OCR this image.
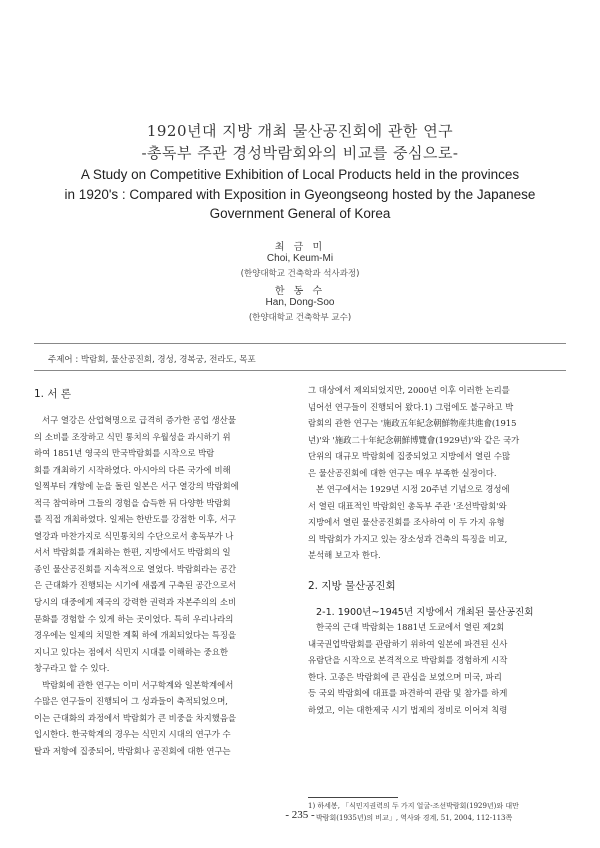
1920년대 지방 개최 물산공진회에 관한 연구
-총독부 주관 경성박람회와의 비교를 중심으로-
A Study on Competitive Exhibition of Local Products held in the provinces
in 1920's : Compared with Exposition in Gyeongseong hosted by the Japanese
Government General of Korea
최 금 미
Choi, Keum-Mi
(한양대학교 건축학과 석사과정)
한 동 수
Han, Dong-Soo
(한양대학교 건축학부 교수)
주제어 : 박람회, 물산공진회, 경성, 경복궁, 전라도, 목포
1. 서 론
서구 열강은 산업혁명으로 급격히 증가한 공업 생산물
의 소비를 조장하고 식민 통치의 우월성을 과시하기 위
하여 1851년 영국의 만국박람회를 시작으로 박람
회를 개최하기 시작하였다. 아시아의 다른 국가에 비해
일찍부터 개항에 눈을 돌린 일본은 서구 열강의 박람회에
적극 참여하며 그들의 경험을 습득한 뒤 다양한 박람회
를 직접 개최하였다. 일제는 한반도를 강점한 이후, 서구
열강과 마찬가지로 식민통치의 수단으로서 총독부가 나
서서 박람회를 개최하는 한편, 지방에서도 박람회의 일
종인 물산공진회를 지속적으로 열었다. 박람회라는 공간
은 근대화가 진행되는 시기에 새롭게 구축된 공간으로서
당시의 대중에게 제국의 강력한 권력과 자본주의의 소비
문화를 경험할 수 있게 하는 곳이었다. 특히 우리나라의
경우에는 일제의 치밀한 계획 하에 개최되었다는 특징을
지니고 있다는 점에서 식민지 시대를 이해하는 중요한
창구라고 할 수 있다.
박람회에 관한 연구는 이미 서구학계와 일본학계에서
수많은 연구들이 진행되어 그 성과들이 축적되었으며,
이는 근대화의 과정에서 박람회가 큰 비중을 차지했음을
입시한다. 한국학계의 경우는 식민지 시대의 연구가 수
탈과 저항에 집중되어, 박람회나 공진회에 대한 연구는
그 대상에서 제외되었지만, 2000년 이후 이러한 논리를
넘어선 연구들이 진행되어 왔다.1) 그럼에도 불구하고 박
람회의 관한 연구는 '施政五年紀念朝鮮物産共進會(1915
년)'와 '施政二十年紀念朝鮮博覽會(1929년)'와 같은 국가
단위의 대규모 박람회에 집중되었고 지방에서 열린 수많
은 물산공진회에 대한 연구는 매우 부족한 실정이다.
본 연구에서는 1929년 시정 20주년 기념으로 경성에
서 열린 대표적인 박람회인 총독부 주관 '조선박람회'와
지방에서 열린 물산공진회를 조사하여 이 두 가지 유형
의 박람회가 가지고 있는 장소성과 건축의 특징을 비교,
분석해 보고자 한다.
2. 지방 물산공진회
2-1. 1900년~1945년 지방에서 개최된 물산공진회
한국의 근대 박람회는 1881년 도쿄에서 열린 제2회
내국권업박람회를 관람하기 위하여 일본에 파견된 신사
유람단을 시작으로 본격적으로 박람회를 경험하게 시작
한다. 고종은 박람회에 큰 관심을 보였으며 미국, 파리
등 국외 박람회에 대표를 파견하여 관람 및 참가를 하게
하였고, 이는 대한제국 시기 법제의 정비로 이어져 칙령
1) 하세봉, 「식민지권력의 두 가지 얼굴-조선박람회(1929년)와 대만
박람회(1935년)의 비교」, 역사와 경계, 51, 2004, 112-113쪽
- 235 -
